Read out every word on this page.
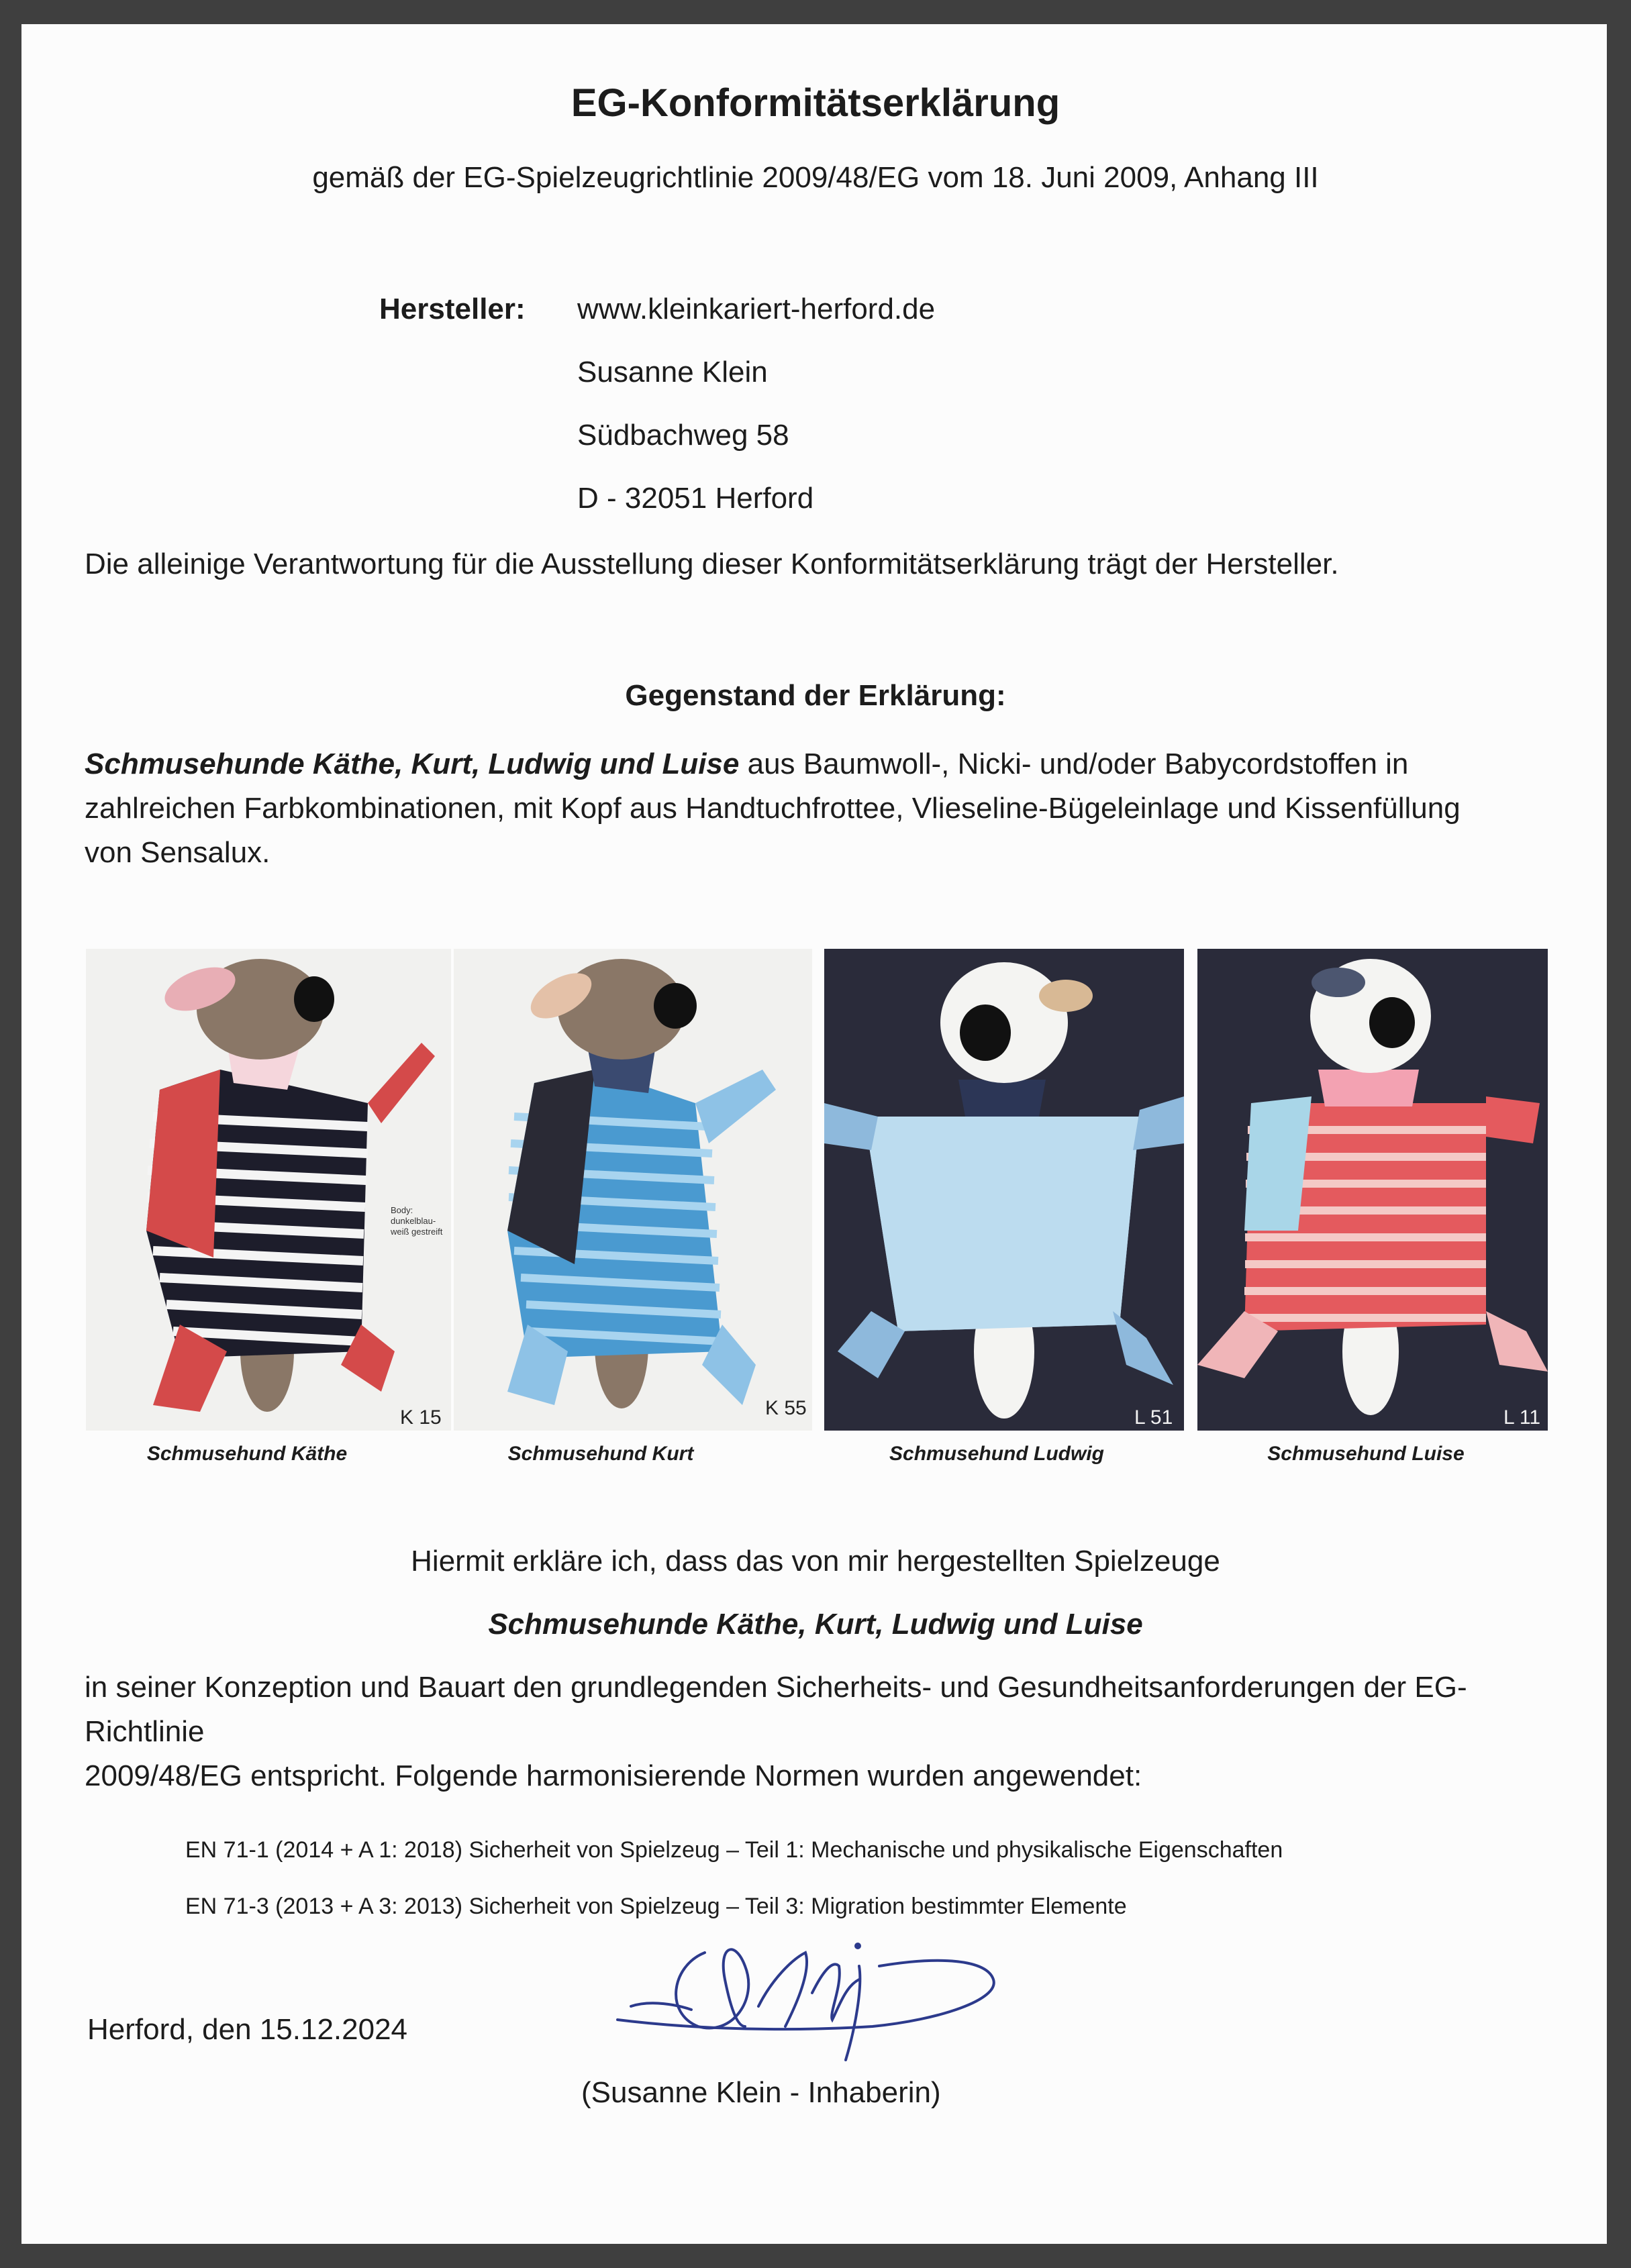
EG-Konformitätserklärung
gemäß der EG-Spielzeugrichtlinie 2009/48/EG vom 18. Juni 2009, Anhang III
Hersteller: www.kleinkariert-herford.de
Susanne Klein
Südbachweg 58
D - 32051 Herford
Die alleinige Verantwortung für die Ausstellung dieser Konformitätserklärung trägt der Hersteller.
Gegenstand der Erklärung:
Schmusehunde Käthe, Kurt, Ludwig und Luise aus Baumwoll-, Nicki- und/oder Babycordstoffen in
zahlreichen Farbkombinationen, mit Kopf aus Handtuchfrottee, Vlieseline-Bügeleinlage und Kissenfüllung
von Sensalux.
K 15
Body: dunkelblau-weiß gestreift
K 55	L 51	L 11
Schmusehund Käthe	Schmusehund Kurt	Schmusehund Ludwig	Schmusehund Luise
Hiermit erkläre ich, dass das von mir hergestellten Spielzeuge
Schmusehunde Käthe, Kurt, Ludwig und Luise
in seiner Konzeption und Bauart den grundlegenden Sicherheits- und Gesundheitsanforderungen der EG-Richtlinie
2009/48/EG entspricht. Folgende harmonisierende Normen wurden angewendet:
EN 71-1 (2014 + A 1: 2018) Sicherheit von Spielzeug – Teil 1: Mechanische und physikalische Eigenschaften
EN 71-3 (2013 + A 3: 2013) Sicherheit von Spielzeug – Teil 3: Migration bestimmter Elemente
Herford, den 15.12.2024
(Susanne Klein - Inhaberin)
